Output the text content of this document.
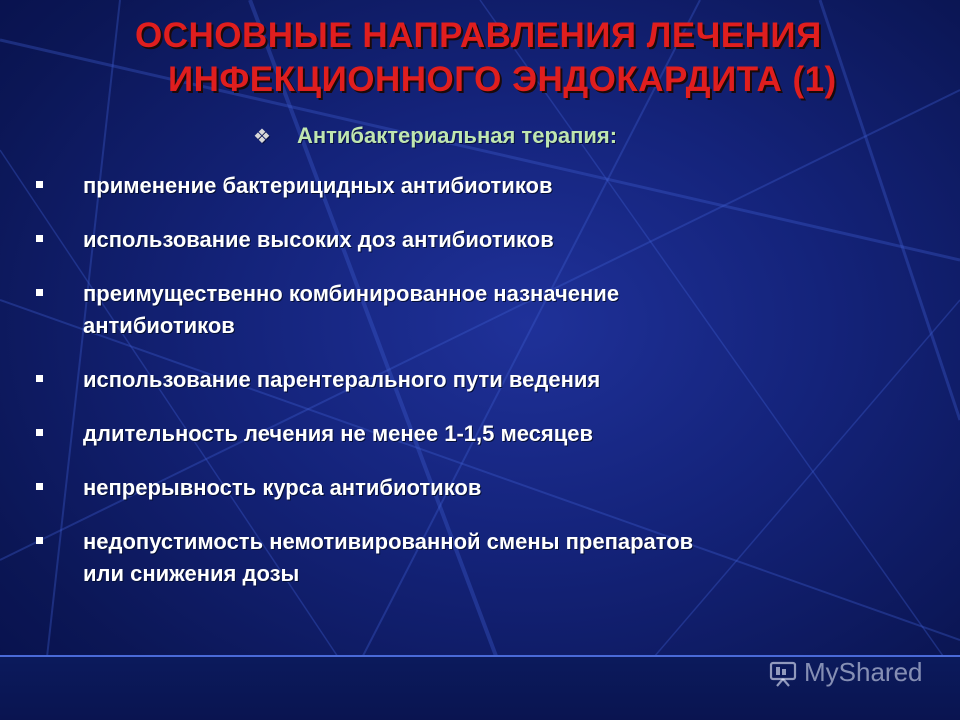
ОСНОВНЫЕ НАПРАВЛЕНИЯ ЛЕЧЕНИЯ
ИНФЕКЦИОННОГО ЭНДОКАРДИТА (1)
❖ Антибактериальная терапия:
применение бактерицидных антибиотиков
использование высоких доз антибиотиков
преимущественно комбинированное назначение
антибиотиков
использование парентерального пути ведения
длительность лечения не менее 1-1,5 месяцев
непрерывность курса антибиотиков
недопустимость немотивированной смены препаратов
или снижения дозы
MyShared
